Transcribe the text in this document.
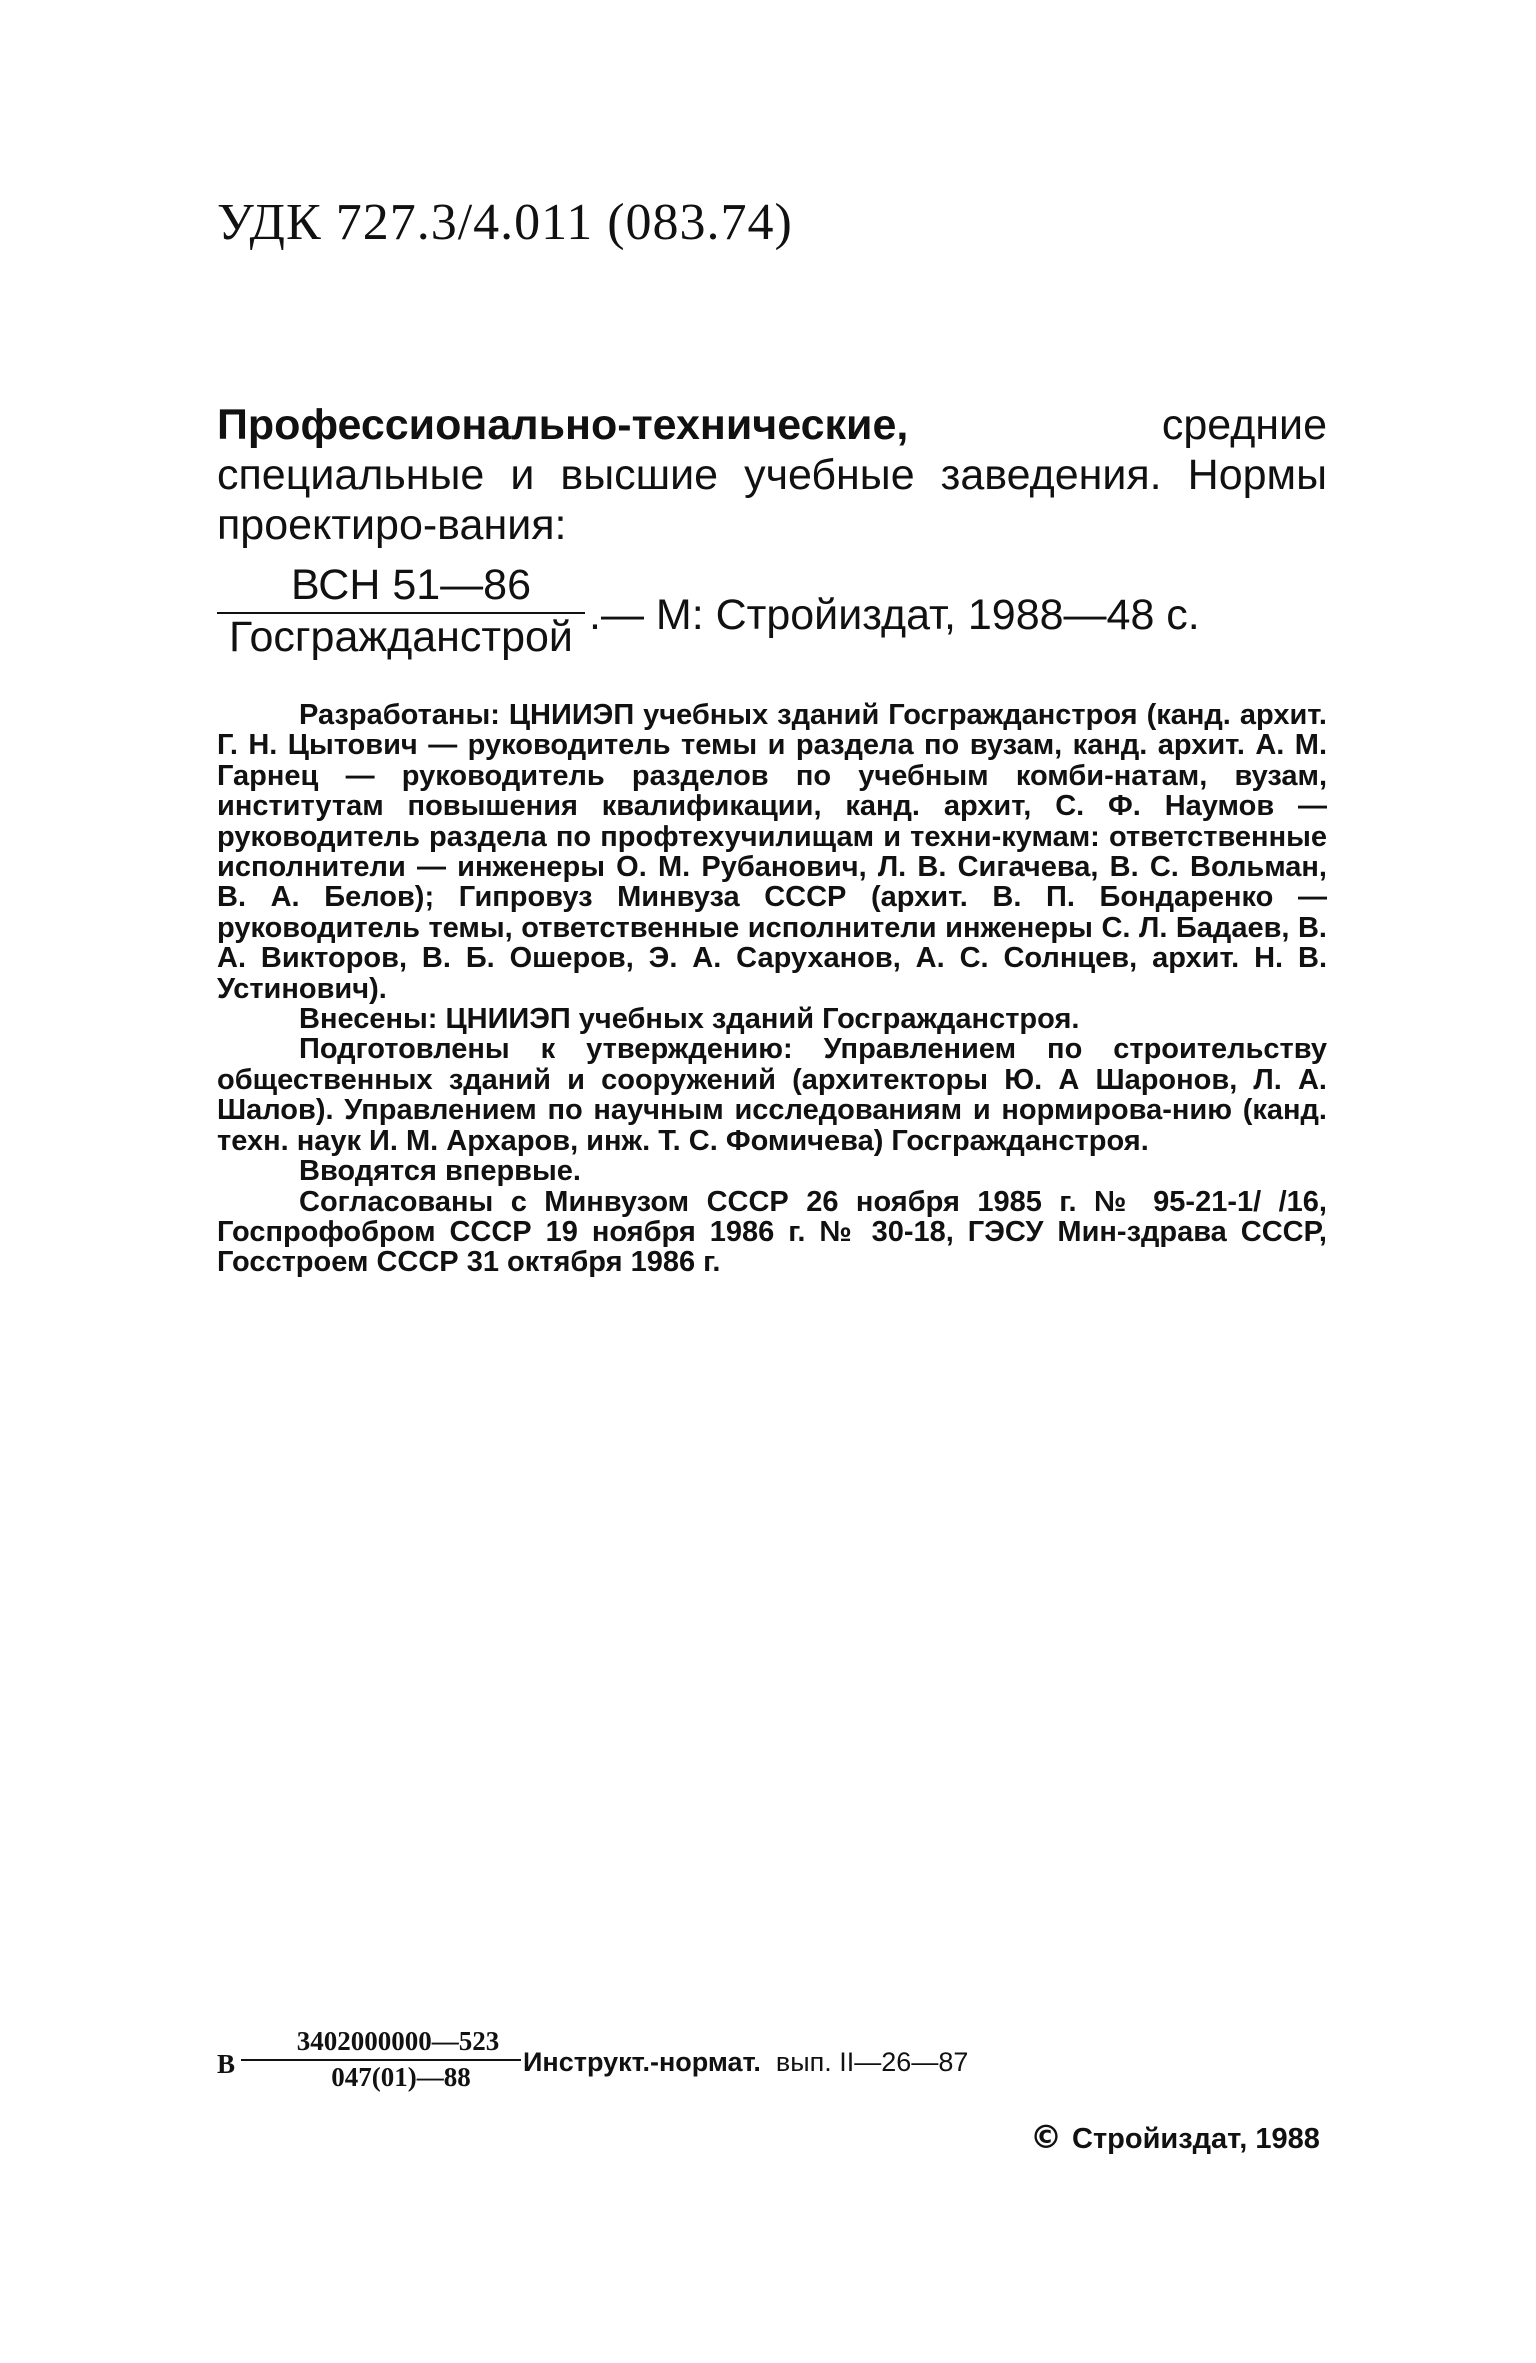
УДК 727.3/4.011 (083.74)
Профессионально-технические, средние специальные и высшие учебные заведения. Нормы проектиро-вания:
ВСН 51—86
Госгражданстрой .— М: Стройиздат, 1988—48 с.

Разработаны: ЦНИИЭП учебных зданий Госгражданстроя (канд. архит. Г. Н. Цытович — руководитель темы и раздела по вузам, канд. архит. А. М. Гарнец — руководитель разделов по учебным комби-натам, вузам, институтам повышения квалификации, канд. архит, С. Ф. Наумов — руководитель раздела по профтехучилищам и техни-кумам: ответственные исполнители — инженеры О. М. Рубанович, Л. В. Сигачева, В. С. Вольман, В. А. Белов); Гипровуз Минвуза СССР (архит. В. П. Бондаренко — руководитель темы, ответственные исполнители инженеры С. Л. Бадаев, В. А. Викторов, В. Б. Ошеров, Э. А. Саруханов, А. С. Солнцев, архит. Н. В. Устинович).

Внесены: ЦНИИЭП учебных зданий Госгражданстроя.

Подготовлены к утверждению: Управлением по строительству общественных зданий и сооружений (архитекторы Ю. А Шаронов, Л. А. Шалов). Управлением по научным исследованиям и нормирова-нию (канд. техн. наук И. М. Архаров, инж. Т. С. Фомичева) Госгражданстроя.

Вводятся впервые.

Согласованы с Минвузом СССР 26 ноября 1985 г. № 95-21-1/ /16, Госпрофобром СССР 19 ноября 1986 г. № 30-18, ГЭСУ Мин-здрава СССР, Госстроем СССР 31 октября 1986 г.

В
3402000000—523
047(01)—88	Инструкт.-нормат. вып. II—26—87
© Стройиздат, 1988
